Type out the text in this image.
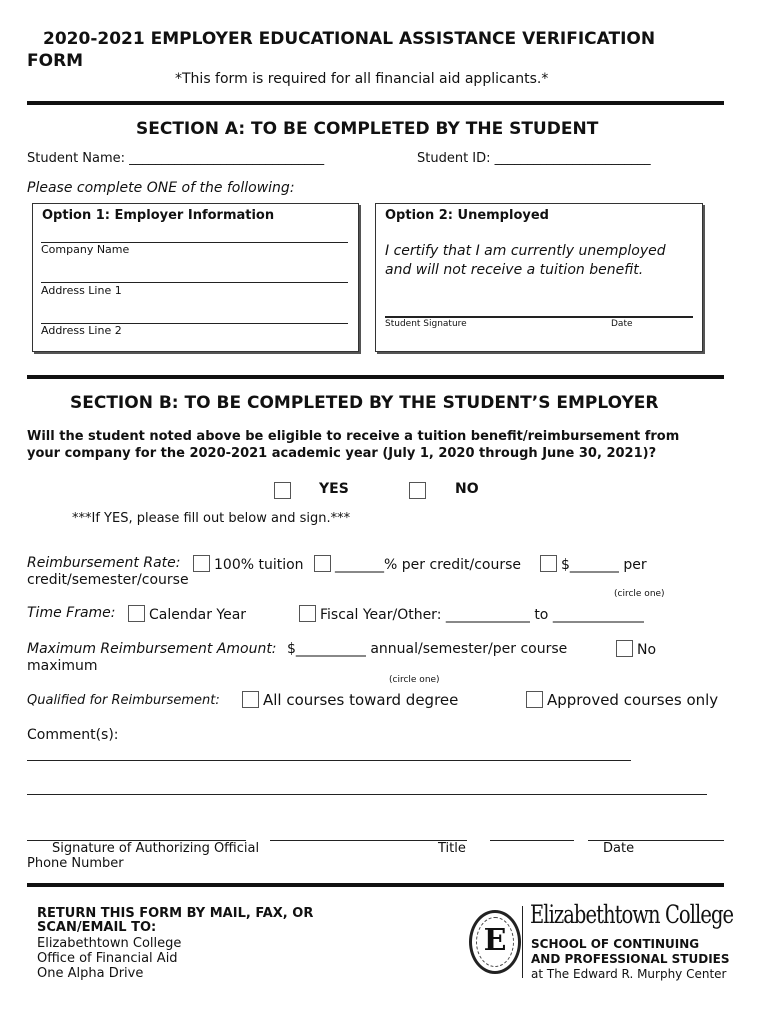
2020-2021 EMPLOYER EDUCATIONAL ASSISTANCE VERIFICATION
FORM
*This form is required for all financial aid applicants.*
SECTION A: TO BE COMPLETED BY THE STUDENT
Student Name: ______________________________	Student ID: ________________________
Please complete ONE of the following:
Option 1: Employer Information
Company Name
Address Line 1
Address Line 2
Option 2: Unemployed
I certify that I am currently unemployed
and will not receive a tuition benefit.
Student Signature	Date
SECTION B: TO BE COMPLETED BY THE STUDENT’S EMPLOYER
Will the student noted above be eligible to receive a tuition benefit/reimbursement from
your company for the 2020-2021 academic year (July 1, 2020 through June 30, 2021)?
YES	NO
***If YES, please fill out below and sign.***
Reimbursement Rate:	100% tuition	_______% per credit/course	$_______ per
credit/semester/course
(circle one)
Time Frame:	Calendar Year	Fiscal Year/Other: ____________ to _____________
Maximum Reimbursement Amount: $__________ annual/semester/per course	No
maximum
(circle one)
Qualified for Reimbursement:	All courses toward degree	Approved courses only
Comment(s):
Signature of Authorizing Official	Title	Date
Phone Number
RETURN THIS FORM BY MAIL, FAX, OR
SCAN/EMAIL TO:
Elizabethtown College
Office of Financial Aid
One Alpha Drive
E
Elizabethtown College
SCHOOL OF CONTINUING
AND PROFESSIONAL STUDIES
at The Edward R. Murphy Center
